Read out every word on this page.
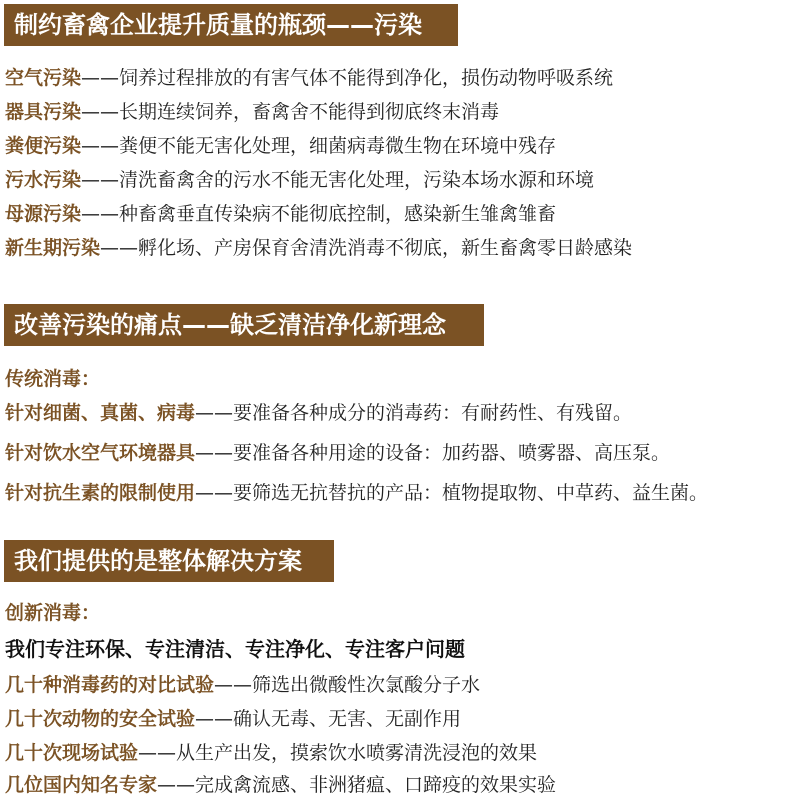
制约畜禽企业提升质量的瓶颈——污染
空气污染——饲养过程排放的有害气体不能得到净化，损伤动物呼吸系统
器具污染——长期连续饲养，畜禽舍不能得到彻底终末消毒
粪便污染——粪便不能无害化处理，细菌病毒微生物在环境中残存
污水污染——清洗畜禽舍的污水不能无害化处理，污染本场水源和环境
母源污染——种畜禽垂直传染病不能彻底控制，感染新生雏禽雏畜
新生期污染——孵化场、产房保育舍清洗消毒不彻底，新生畜禽零日龄感染
改善污染的痛点——缺乏清洁净化新理念
传统消毒：
针对细菌、真菌、病毒——要准备各种成分的消毒药：有耐药性、有残留。
针对饮水空气环境器具——要准备各种用途的设备：加药器、喷雾器、高压泵。
针对抗生素的限制使用——要筛选无抗替抗的产品：植物提取物、中草药、益生菌。
我们提供的是整体解决方案
创新消毒：
我们专注环保、专注清洁、专注净化、专注客户问题
几十种消毒药的对比试验——筛选出微酸性次氯酸分子水
几十次动物的安全试验——确认无毒、无害、无副作用
几十次现场试验——从生产出发，摸索饮水喷雾清洗浸泡的效果
几位国内知名专家——完成禽流感、非洲猪瘟、口蹄疫的效果实验
